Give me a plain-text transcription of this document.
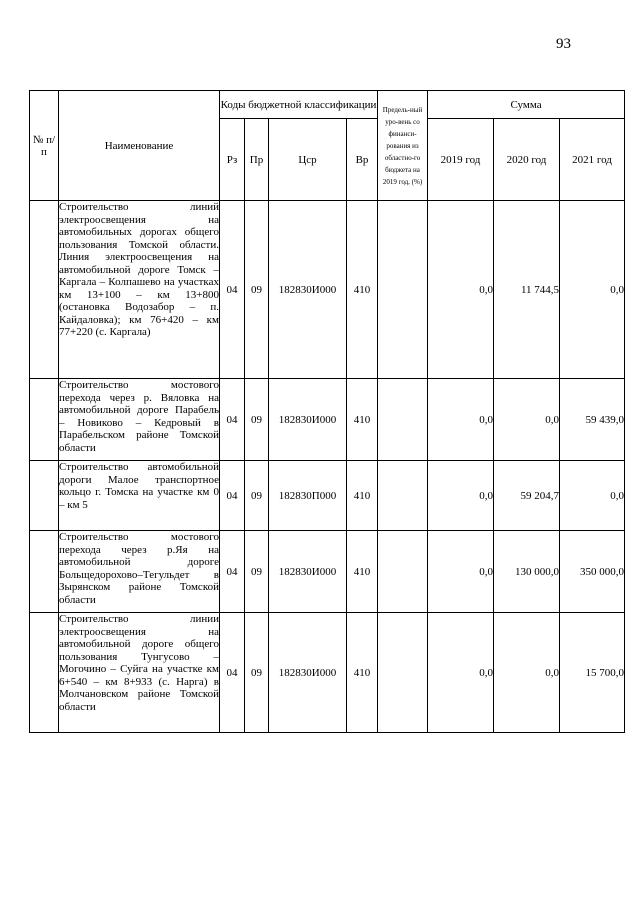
93
№ п/п	Наименование	Коды бюджетной классификации				Предель-ный уро-вень со финанси-рования из областно-го бюджета на 2019 год, (%)	Сумма		
		Рз	Пр	Цср	Вр		2019 год	2020 год	2021 год
	Строительство линий электроосвещения на автомобильных дорогах общего пользования Томской области. Линия электроосвещения на автомобильной дороге Томск – Каргала – Колпашево на участках км 13+100 – км 13+800 (остановка Водозабор – п. Кайдаловка); км 76+420 – км 77+220 (с. Каргала)	04	09	182830И000	410		0,0	11 744,5	0,0
	Строительство мостового перехода через р. Вяловка на автомобильной дороге Парабель – Новиково – Кедровый в Парабельском районе Томской области	04	09	182830И000	410		0,0	0,0	59 439,0
	Строительство автомобильной дороги Малое транспортное кольцо г. Томска на участке км 0 – км 5	04	09	182830П000	410		0,0	59 204,7	0,0
	Строительство мостового перехода через р.Яя на автомобильной дороге Больщедорохово–Тегульдет в Зырянском районе Томской области	04	09	182830И000	410		0,0	130 000,0	350 000,0
	Строительство линии электроосвещения на автомобильной дороге общего пользования Тунгусово – Могочино – Суйга на участке км 6+540 – км 8+933 (с. Нарга) в Молчановском районе Томской области	04	09	182830И000	410		0,0	0,0	15 700,0
